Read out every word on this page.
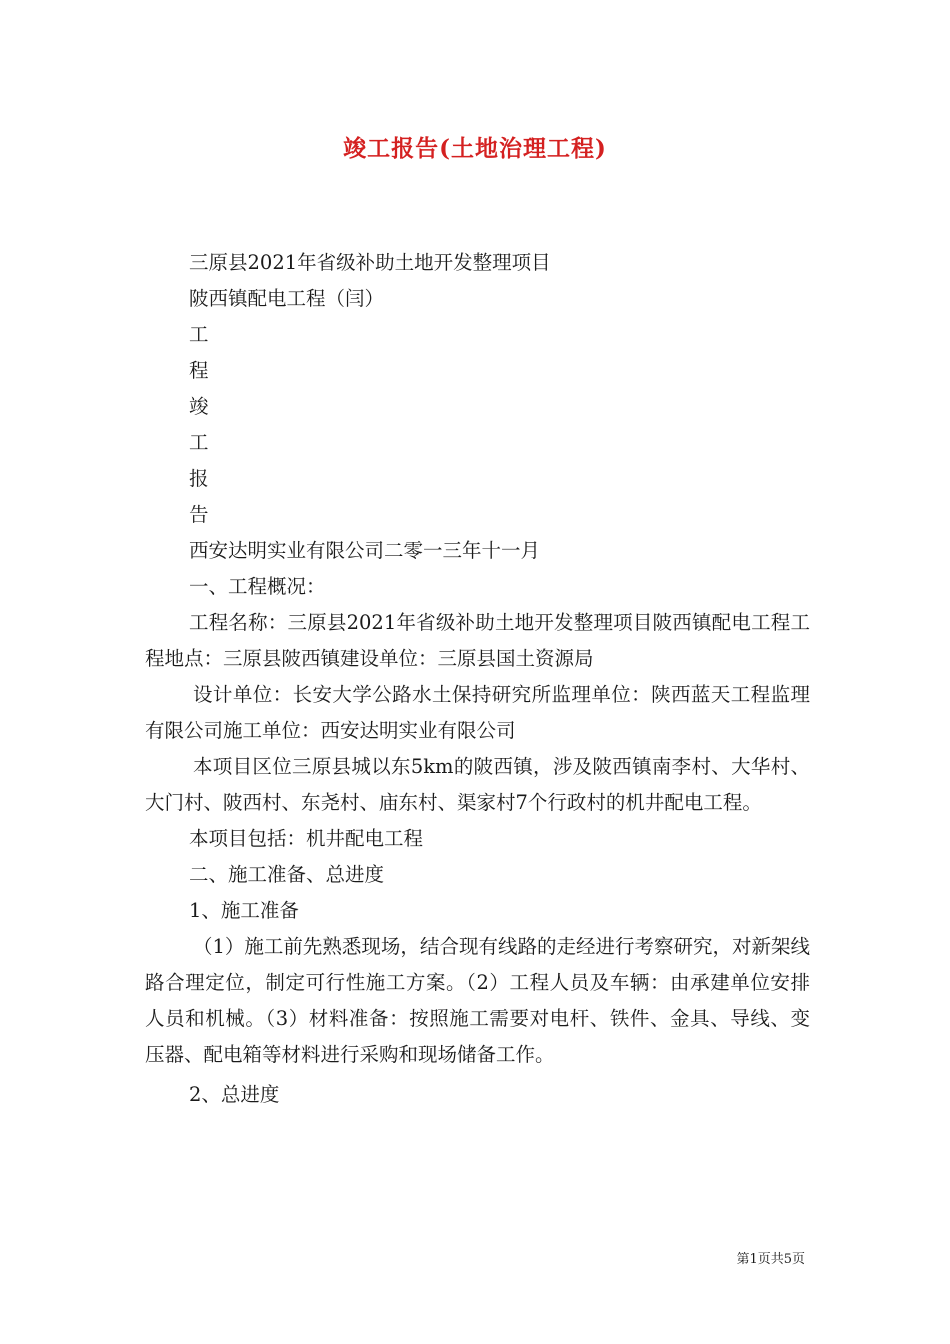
竣工报告(土地治理工程)
三原县2021年省级补助土地开发整理项目
陂西镇配电工程（闫）
工
程
竣
工
报
告
西安达明实业有限公司二零一三年十一月
一、工程概况：
工程名称：三原县2021年省级补助土地开发整理项目陂西镇配电工程工程地点：三原县陂西镇建设单位：三原县国土资源局
设计单位：长安大学公路水土保持研究所监理单位：陕西蓝天工程监理有限公司施工单位：西安达明实业有限公司
本项目区位三原县城以东5km的陂西镇，涉及陂西镇南李村、大华村、大门村、陂西村、东尧村、庙东村、渠家村7个行政村的机井配电工程。
本项目包括：机井配电工程
二、施工准备、总进度
1、施工准备
（1）施工前先熟悉现场，结合现有线路的走经进行考察研究，对新架线路合理定位，制定可行性施工方案。（2）工程人员及车辆：由承建单位安排人员和机械。（3）材料准备：按照施工需要对电杆、铁件、金具、导线、变压器、配电箱等材料进行采购和现场储备工作。
2、总进度
第1页共5页
